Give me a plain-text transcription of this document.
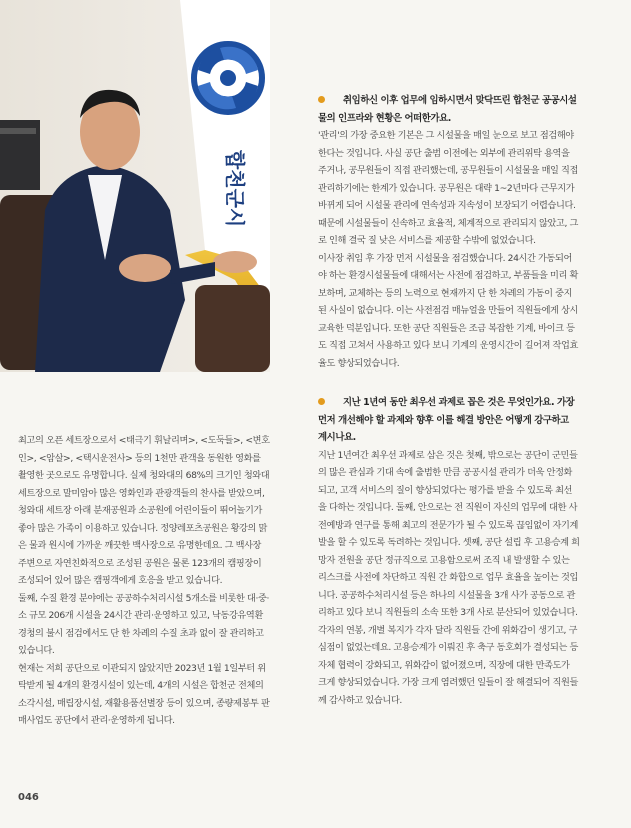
합천군시

최고의 오픈 세트장으로서 <태극기 휘날리며>, <도둑들>, <변호인>, <암살>, <택시운전사> 등의 1천만 관객을 동원한 영화를 촬영한 곳으로도 유명합니다. 실제 청와대의 68%의 크기인 청와대 세트장으로 말미암아 많은 영화인과 관광객들의 찬사를 받았으며, 청와대 세트장 아래 분재공원과 소공원에 어린이들이 뛰어놀기가 좋아 많은 가족이 이용하고 있습니다. 정양레포츠공원은 황강의 맑은 물과 원시에 가까운 깨끗한 백사장으로 유명한데요. 그 백사장 주변으로 자연친화적으로 조성된 공원은 물론 123개의 캠핑장이 조성되어 있어 많은 캠핑객에게 호응을 받고 있습니다.

둘째, 수질 환경 분야에는 공공하수처리시설 5개소를 비롯한 대·중·소 규모 206개 시설을 24시간 관리·운영하고 있고, 낙동강유역환경청의 불시 점검에서도 단 한 차례의 수질 초과 없이 잘 관리하고 있습니다.

현재는 저희 공단으로 이관되지 않았지만 2023년 1월 1일부터 위탁받게 될 4개의 환경시설이 있는데, 4개의 시설은 합천군 전체의 소각시설, 매립장시설, 재활용품선별장 등이 있으며, 종량제봉투 판매사업도 공단에서 관리·운영하게 됩니다.

취임하신 이후 업무에 임하시면서 맞닥뜨린 합천군 공공시설물의 인프라와 현황은 어떠한가요.

'관리'의 가장 중요한 기본은 그 시설물을 매일 눈으로 보고 점검해야 한다는 것입니다. 사실 공단 출범 이전에는 외부에 관리위탁 용역을 주거나, 공무원들이 직접 관리했는데, 공무원들이 시설물을 매일 직접 관리하기에는 한계가 있습니다. 공무원은 대략 1~2년마다 근무지가 바뀌게 되어 시설물 관리에 연속성과 지속성이 보장되기 어렵습니다. 때문에 시설물들이 신속하고 효율적, 체계적으로 관리되지 않았고, 그로 인해 결국 질 낮은 서비스를 제공할 수밖에 없었습니다.

이사장 취임 후 가장 먼저 시설물을 점검했습니다. 24시간 가동되어야 하는 환경시설물들에 대해서는 사전에 점검하고, 부품들을 미리 확보하며, 교체하는 등의 노력으로 현재까지 단 한 차례의 가동이 중지된 사실이 없습니다. 이는 사전점검 매뉴얼을 만들어 직원들에게 상시 교육한 덕분입니다. 또한 공단 직원들은 조금 복잡한 기계, 바이크 등도 직접 고쳐서 사용하고 있다 보니 기계의 운영시간이 길어져 작업효율도 향상되었습니다.

지난 1년여 동안 최우선 과제로 꼽은 것은 무엇인가요. 가장 먼저 개선해야 할 과제와 향후 이를 해결 방안은 어떻게 강구하고 계시나요.

지난 1년여간 최우선 과제로 삼은 것은 첫째, 밖으로는 공단이 군민들의 많은 관심과 기대 속에 출범한 만큼 공공시설 관리가 더욱 안정화되고, 고객 서비스의 질이 향상되었다는 평가를 받을 수 있도록 최선을 다하는 것입니다. 둘째, 안으로는 전 직원이 자신의 업무에 대한 사전예방과 연구를 통해 최고의 전문가가 될 수 있도록 끊임없이 자기계발을 할 수 있도록 독려하는 것입니다. 셋째, 공단 설립 후 고용승계 희망자 전원을 공단 정규직으로 고용함으로써 조직 내 발생할 수 있는 리스크를 사전에 차단하고 직원 간 화합으로 업무 효율을 높이는 것입니다. 공공하수처리시설 등은 하나의 시설물을 3개 사가 공동으로 관리하고 있다 보니 직원들의 소속 또한 3개 사로 분산되어 있었습니다. 각자의 연봉, 개별 복지가 각자 달라 직원들 간에 위화감이 생기고, 구심점이 없었는데요. 고용승계가 이뤄진 후 축구 동호회가 결성되는 등 자체 협력이 강화되고, 위화감이 없어졌으며, 직장에 대한 만족도가 크게 향상되었습니다. 가장 크게 염려했던 일들이 잘 해결되어 직원들께 감사하고 있습니다.

046
